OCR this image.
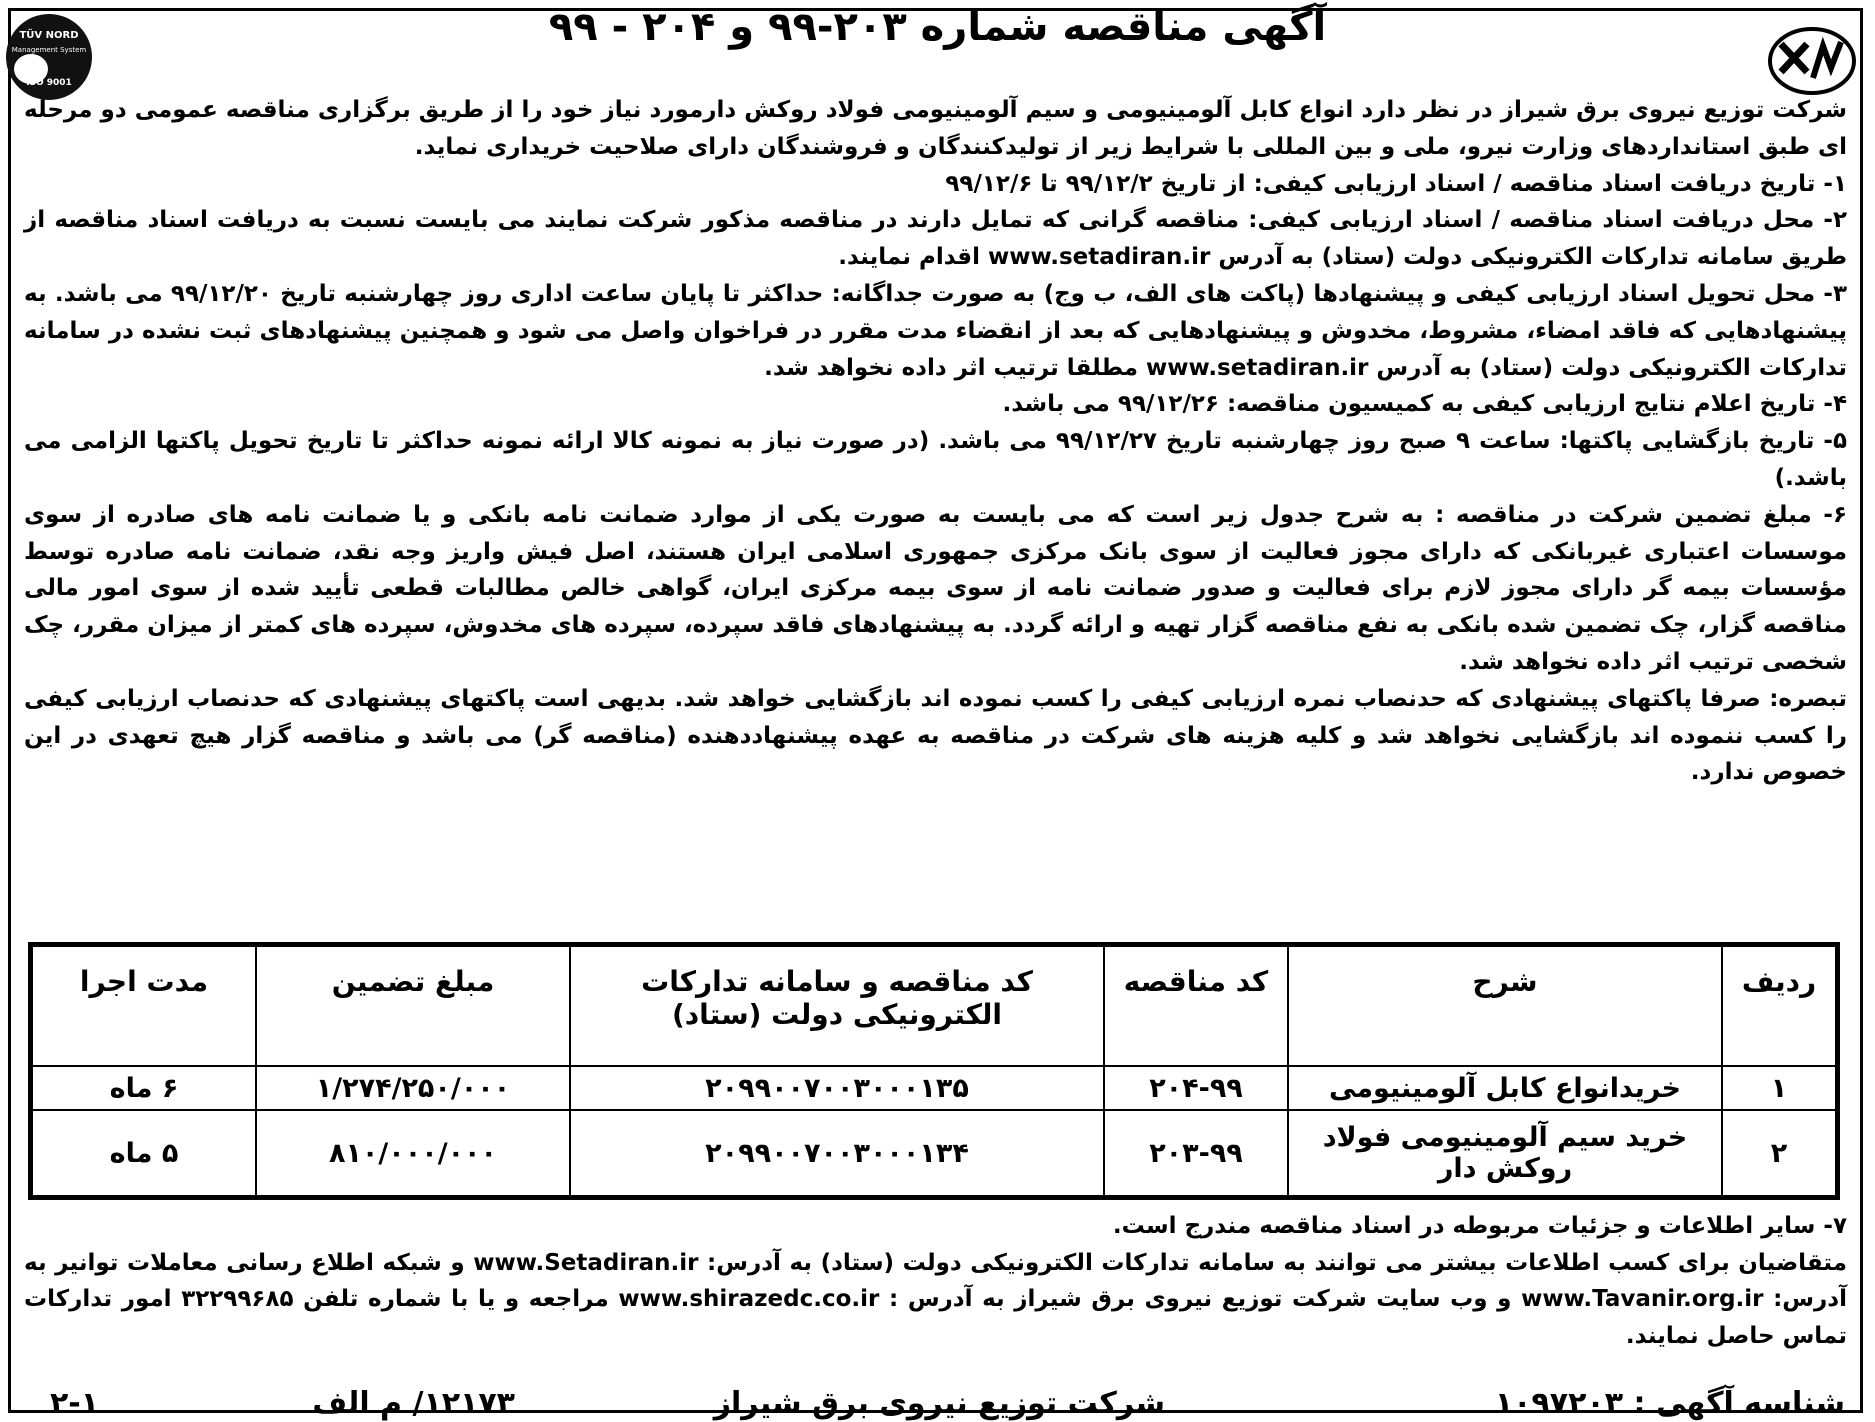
TÜV NORD
Management System
ISO 9001
آگهی مناقصه شماره ۲۰۳-۹۹ و ۲۰۴ - ۹۹

شرکت توزیع نیروی برق شیراز در نظر دارد انواع کابل آلومینیومی و سیم آلومینیومی فولاد روکش دارمورد نیاز خود را از طریق برگزاری مناقصه عمومی دو مرحله ای طبق استانداردهای وزارت نیرو، ملی و بین المللی با شرایط زیر از تولیدکنندگان و فروشندگان دارای صلاحیت خریداری نماید.

۱- تاریخ دریافت اسناد مناقصه / اسناد ارزیابی کیفی: از تاریخ ۹۹/۱۲/۲ تا ۹۹/۱۲/۶

۲- محل دریافت اسناد مناقصه / اسناد ارزیابی کیفی: مناقصه گرانی که تمایل دارند در مناقصه مذکور شرکت نمایند می بایست نسبت به دریافت اسناد مناقصه از طریق سامانه تدارکات الکترونیکی دولت (ستاد) به آدرس www.setadiran.ir اقدام نمایند.

۳- محل تحویل اسناد ارزیابی کیفی و پیشنهادها (پاکت های الف، ب وج) به صورت جداگانه: حداکثر تا پایان ساعت اداری روز چهارشنبه تاریخ ۹۹/۱۲/۲۰ می باشد. به پیشنهادهایی که فاقد امضاء، مشروط، مخدوش و پیشنهادهایی که بعد از انقضاء مدت مقرر در فراخوان واصل می شود و همچنین پیشنهادهای ثبت نشده در سامانه تدارکات الکترونیکی دولت (ستاد) به آدرس www.setadiran.ir مطلقا ترتیب اثر داده نخواهد شد.

۴- تاریخ اعلام نتایج ارزیابی کیفی به کمیسیون مناقصه: ۹۹/۱۲/۲۶ می باشد.

۵- تاریخ بازگشایی پاکتها: ساعت ۹ صبح روز چهارشنبه تاریخ ۹۹/۱۲/۲۷ می باشد. (در صورت نیاز به نمونه کالا ارائه نمونه حداکثر تا تاریخ تحویل پاکتها الزامی می باشد.)

۶- مبلغ تضمین شرکت در مناقصه : به شرح جدول زیر است که می بایست به صورت یکی از موارد ضمانت نامه بانکی و یا ضمانت نامه های صادره از سوی موسسات اعتباری غیربانکی که دارای مجوز فعالیت از سوی بانک مرکزی جمهوری اسلامی ایران هستند، اصل فیش واریز وجه نقد، ضمانت نامه صادره توسط مؤسسات بیمه گر دارای مجوز لازم برای فعالیت و صدور ضمانت نامه از سوی بیمه مرکزی ایران، گواهی خالص مطالبات قطعی تأیید شده از سوی امور مالی مناقصه گزار، چک تضمین شده بانکی به نفع مناقصه گزار تهیه و ارائه گردد. به پیشنهادهای فاقد سپرده، سپرده های مخدوش، سپرده های کمتر از میزان مقرر، چک شخصی ترتیب اثر داده نخواهد شد.

تبصره: صرفا پاکتهای پیشنهادی که حدنصاب نمره ارزیابی کیفی را کسب نموده اند بازگشایی خواهد شد. بدیهی است پاکتهای پیشنهادی که حدنصاب ارزیابی کیفی را کسب ننموده اند بازگشایی نخواهد شد و کلیه هزینه های شرکت در مناقصه به عهده پیشنهاددهنده (مناقصه گر) می باشد و مناقصه گزار هیچ تعهدی در این خصوص ندارد.

ردیف	شرح	کد مناقصه	کد مناقصه و سامانه تدارکات الکترونیکی دولت (ستاد)	مبلغ تضمین	مدت اجرا
۱	خریدانواع کابل آلومینیومی	۲۰۴-۹۹	۲۰۹۹۰۰۷۰۰۳۰۰۰۱۳۵	۱/۲۷۴/۲۵۰/۰۰۰	۶ ماه
۲	خرید سیم آلومینیومی فولاد روکش دار	۲۰۳-۹۹	۲۰۹۹۰۰۷۰۰۳۰۰۰۱۳۴	۸۱۰/۰۰۰/۰۰۰	۵ ماه

۷- سایر اطلاعات و جزئیات مربوطه در اسناد مناقصه مندرج است.

متقاضیان برای کسب اطلاعات بیشتر می توانند به سامانه تدارکات الکترونیکی دولت (ستاد) به آدرس: www.Setadiran.ir و شبکه اطلاع رسانی معاملات توانیر به آدرس: www.Tavanir.org.ir و وب سایت شرکت توزیع نیروی برق شیراز به آدرس : www.shirazedc.co.ir مراجعه و یا با شماره تلفن ۳۲۲۹۹۶۸۵ امور تدارکات تماس حاصل نمایند.

شناسه آگهی : ۱۰۹۷۲۰۳
شرکت توزیع نیروی برق شیراز
۱۲۱۷۳/ م الف
۲-۱
